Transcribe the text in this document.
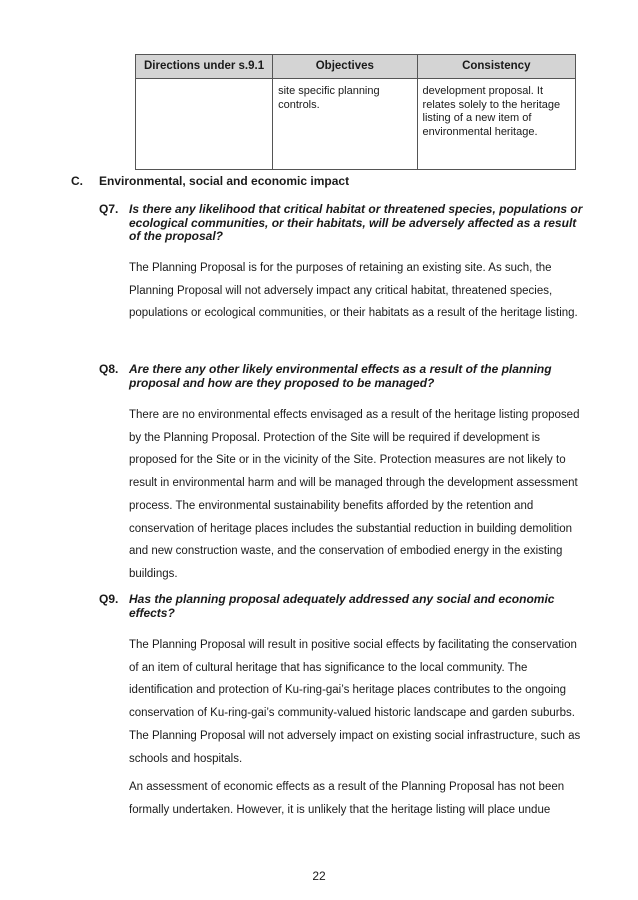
Directions under s.9.1	Objectives	Consistency
	site specific planning controls.	development proposal. It relates solely to the heritage listing of a new item of environmental heritage.
C. Environmental, social and economic impact
Q7. Is there any likelihood that critical habitat or threatened species, populations or ecological communities, or their habitats, will be adversely affected as a result of the proposal?

The Planning Proposal is for the purposes of retaining an existing site. As such, the Planning Proposal will not adversely impact any critical habitat, threatened species, populations or ecological communities, or their habitats as a result of the heritage listing.

Q8. Are there any other likely environmental effects as a result of the planning proposal and how are they proposed to be managed?

There are no environmental effects envisaged as a result of the heritage listing proposed by the Planning Proposal. Protection of the Site will be required if development is proposed for the Site or in the vicinity of the Site. Protection measures are not likely to result in environmental harm and will be managed through the development assessment process. The environmental sustainability benefits afforded by the retention and conservation of heritage places includes the substantial reduction in building demolition and new construction waste, and the conservation of embodied energy in the existing buildings.

Q9. Has the planning proposal adequately addressed any social and economic effects?

The Planning Proposal will result in positive social effects by facilitating the conservation of an item of cultural heritage that has significance to the local community. The identification and protection of Ku-ring-gai’s heritage places contributes to the ongoing conservation of Ku-ring-gai’s community-valued historic landscape and garden suburbs. The Planning Proposal will not adversely impact on existing social infrastructure, such as schools and hospitals.

An assessment of economic effects as a result of the Planning Proposal has not been formally undertaken. However, it is unlikely that the heritage listing will place undue

22
